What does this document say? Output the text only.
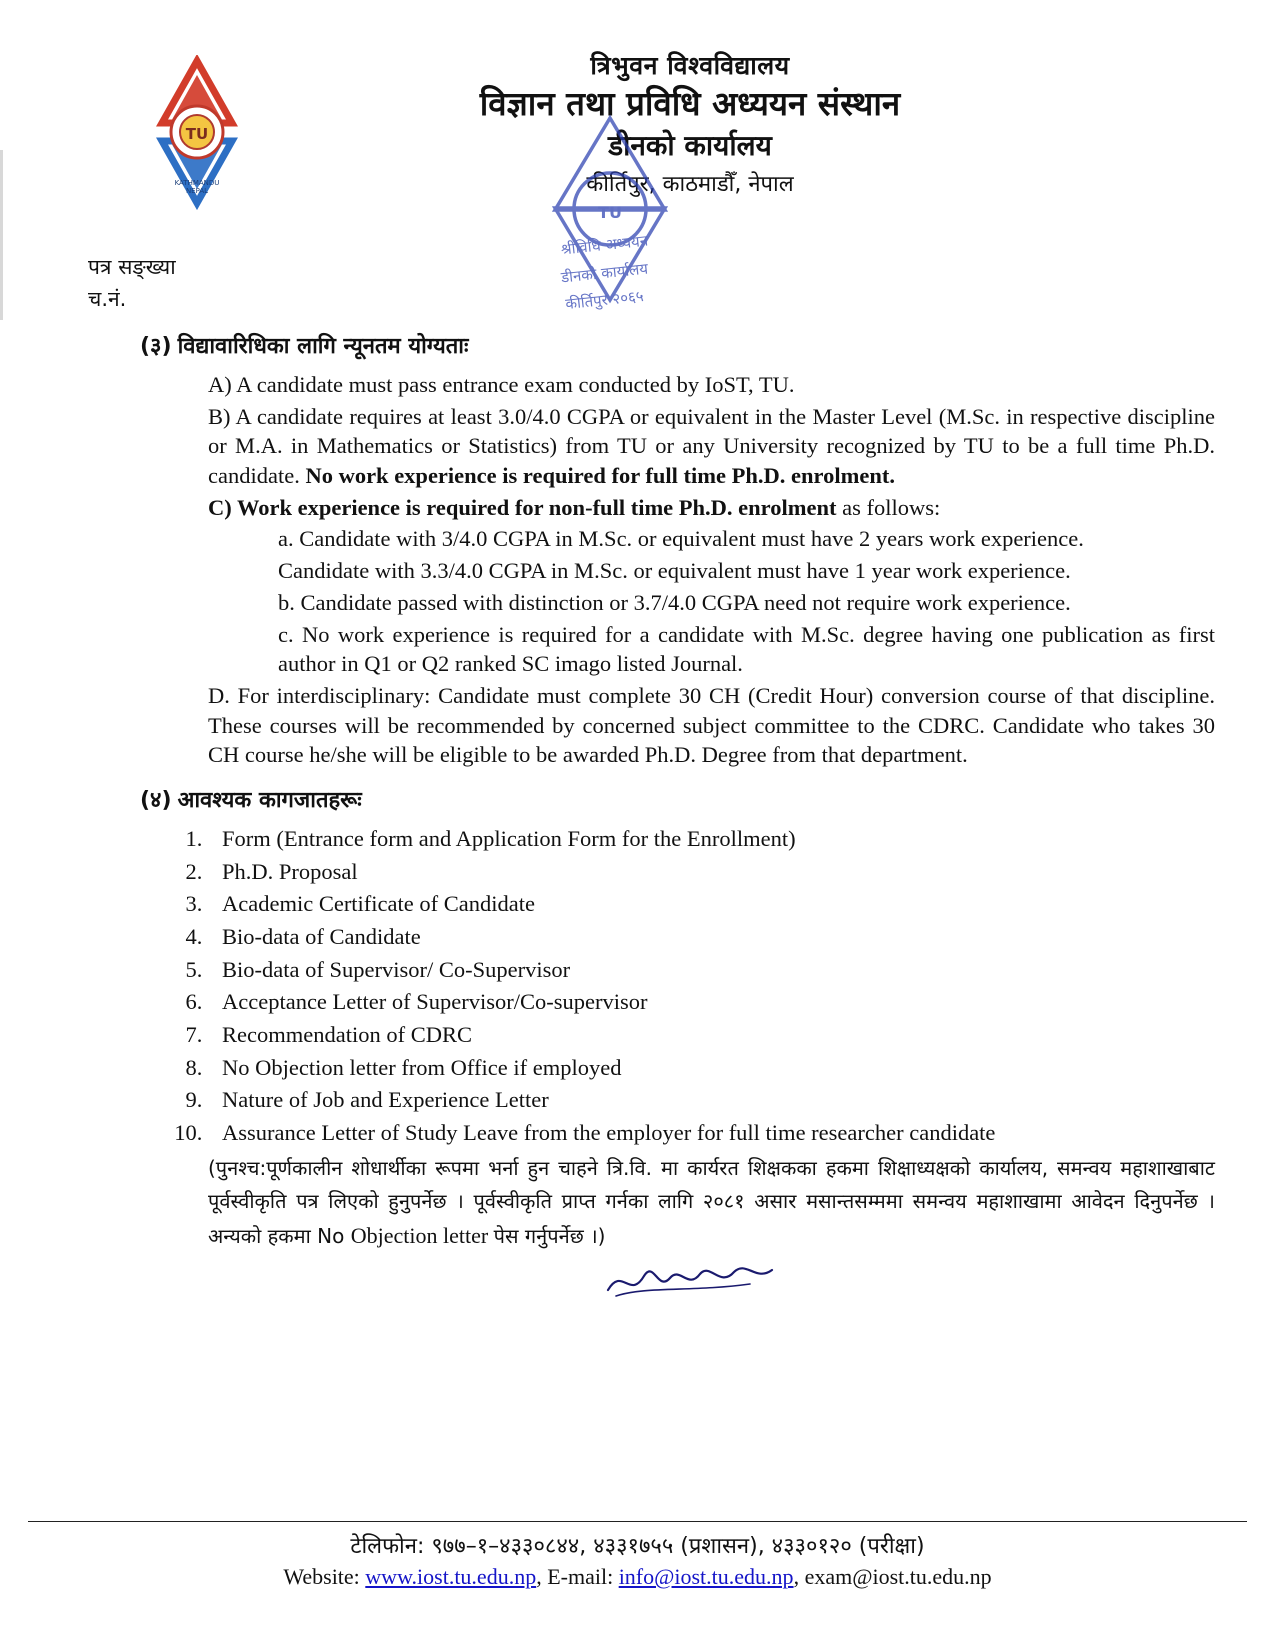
TU
KATHMANDU
NEPAL
त्रिभुवन विश्वविद्यालय
विज्ञान तथा प्रविधि अध्ययन संस्थान
डीनको कार्यालय
कीर्तिपुर, काठमाडौँ, नेपाल
TU
श्रीविधि अध्ययन
डीनको कार्यालय
कीर्तिपुर २०६५
पत्र सङ्ख्या
च.नं.
(३) विद्यावारिधिका लागि न्यूनतम योग्यताः

A) A candidate must pass entrance exam conducted by IoST, TU.

B) A candidate requires at least 3.0/4.0 CGPA or equivalent in the Master Level (M.Sc. in respective discipline or M.A. in Mathematics or Statistics) from TU or any University recognized by TU to be a full time Ph.D. candidate. No work experience is required for full time Ph.D. enrolment.

C) Work experience is required for non-full time Ph.D. enrolment as follows:

a. Candidate with 3/4.0 CGPA in M.Sc. or equivalent must have 2 years work experience.

Candidate with 3.3/4.0 CGPA in M.Sc. or equivalent must have 1 year work experience.

b. Candidate passed with distinction or 3.7/4.0 CGPA need not require work experience.

c. No work experience is required for a candidate with M.Sc. degree having one publication as first author in Q1 or Q2 ranked SC imago listed Journal.

D. For interdisciplinary: Candidate must complete 30 CH (Credit Hour) conversion course of that discipline. These courses will be recommended by concerned subject committee to the CDRC. Candidate who takes 30 CH course he/she will be eligible to be awarded Ph.D. Degree from that department.

(४) आवश्यक कागजातहरूः
1. Form (Entrance form and Application Form for the Enrollment)
2. Ph.D. Proposal
3. Academic Certificate of Candidate
4. Bio-data of Candidate
5. Bio-data of Supervisor/ Co-Supervisor
6. Acceptance Letter of Supervisor/Co-supervisor
7. Recommendation of CDRC
8. No Objection letter from Office if employed
9. Nature of Job and Experience Letter
10. Assurance Letter of Study Leave from the employer for full time researcher candidate
(पुनश्च:पूर्णकालीन शोधार्थीका रूपमा भर्ना हुन चाहने त्रि.वि. मा कार्यरत शिक्षकका हकमा शिक्षाध्यक्षको कार्यालय, समन्वय महाशाखाबाट पूर्वस्वीकृति पत्र लिएको हुनुपर्नेछ । पूर्वस्वीकृति प्राप्त गर्नका लागि २०८१ असार मसान्तसम्ममा समन्वय महाशाखामा आवेदन दिनुपर्नेछ । अन्यको हकमा No Objection letter पेस गर्नुपर्नेछ ।)
टेलिफोन: ९७७–१–४३३०८४४, ४३३१७५५ (प्रशासन), ४३३०१२० (परीक्षा)
Website: www.iost.tu.edu.np, E-mail: info@iost.tu.edu.np, exam@iost.tu.edu.np
